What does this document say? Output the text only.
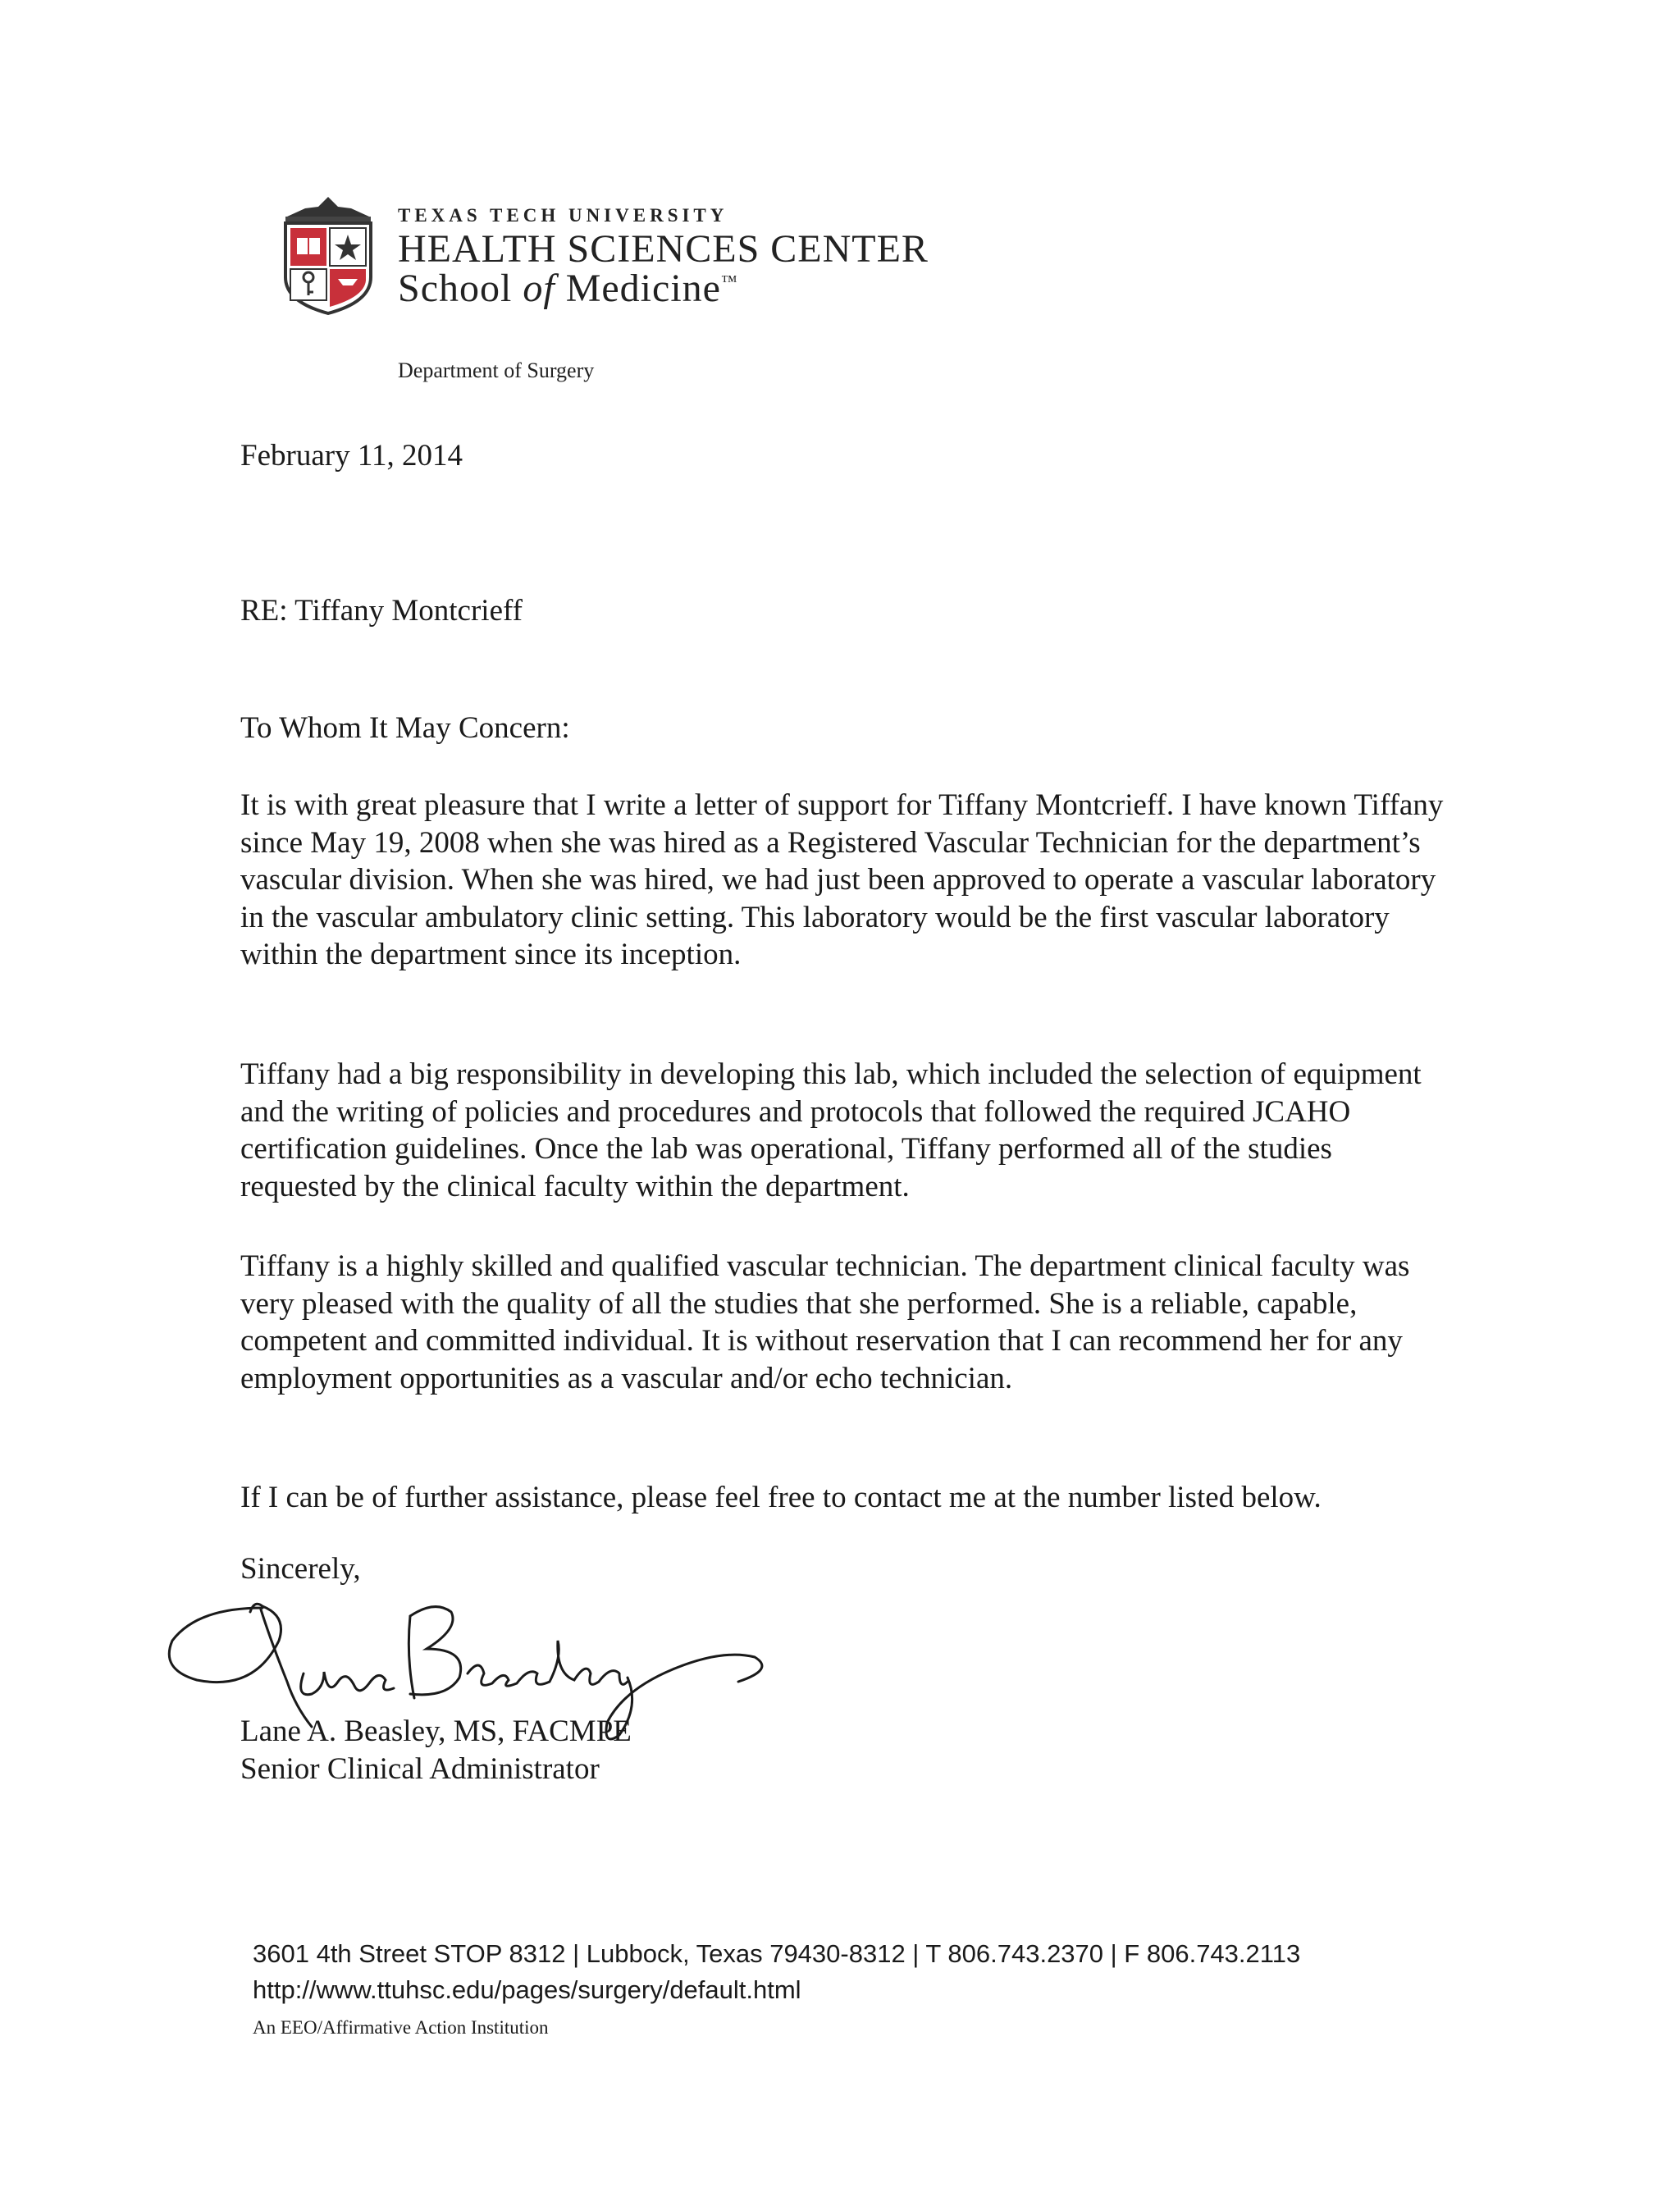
TEXAS TECH UNIVERSITY
HEALTH SCIENCES CENTER
School of Medicine™
Department of Surgery
February 11, 2014
RE: Tiffany Montcrieff
To Whom It May Concern:

It is with great pleasure that I write a letter of support for Tiffany Montcrieff. I have known Tiffany since May 19, 2008 when she was hired as a Registered Vascular Technician for the department’s vascular division. When she was hired, we had just been approved to operate a vascular laboratory in the vascular ambulatory clinic setting. This laboratory would be the first vascular laboratory within the department since its inception.

Tiffany had a big responsibility in developing this lab, which included the selection of equipment and the writing of policies and procedures and protocols that followed the required JCAHO certification guidelines. Once the lab was operational, Tiffany performed all of the studies requested by the clinical faculty within the department.

Tiffany is a highly skilled and qualified vascular technician. The department clinical faculty was very pleased with the quality of all the studies that she performed. She is a reliable, capable, competent and committed individual. It is without reservation that I can recommend her for any employment opportunities as a vascular and/or echo technician.

If I can be of further assistance, please feel free to contact me at the number listed below.

Sincerely,
Lane A. Beasley, MS, FACMPE
Senior Clinical Administrator
3601 4th Street STOP 8312 | Lubbock, Texas 79430-8312 | T 806.743.2370 | F 806.743.2113
http://www.ttuhsc.edu/pages/surgery/default.html
An EEO/Affirmative Action Institution
